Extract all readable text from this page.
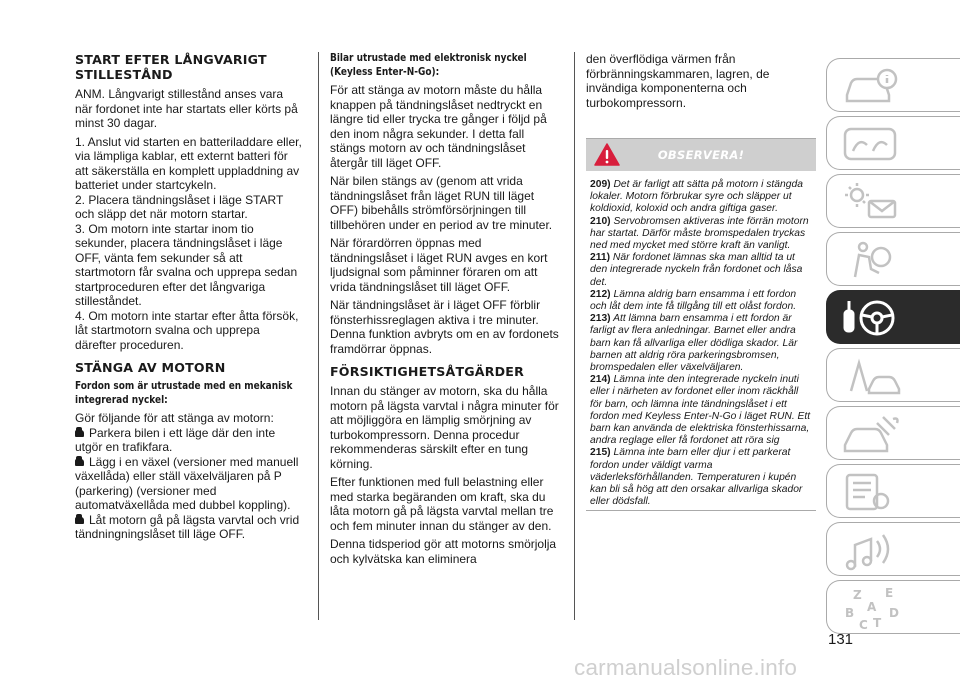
START EFTER LÅNGVARIGT STILLESTÅND

ANM. Långvarigt stillestånd anses vara när fordonet inte har startats eller körts på minst 30 dagar.

1. Anslut vid starten en batteriladdare eller, via lämpliga kablar, ett externt batteri för att säkerställa en komplett uppladdning av batteriet under startcykeln.

2. Placera tändningslåset i läge START och släpp det när motorn startar.

3. Om motorn inte startar inom tio sekunder, placera tändningslåset i läge OFF, vänta fem sekunder så att startmotorn får svalna och upprepa sedan startproceduren efter det långvariga stilleståndet.

4. Om motorn inte startar efter åtta försök, låt startmotorn svalna och upprepa därefter proceduren.

STÄNGA AV MOTORN
Fordon som är utrustade med en mekanisk
integrerad nyckel:

Gör följande för att stänga av motorn:

Parkera bilen i ett läge där den inte utgör en trafikfara.
Lägg i en växel (versioner med manuell växellåda) eller ställ växelväljaren på P (parkering) (versioner med automatväxellåda med dubbel koppling).
Låt motorn gå på lägsta varvtal och vrid tändningningslåset till läge OFF.
Bilar utrustade med elektronisk nyckel
(Keyless Enter-N-Go):

För att stänga av motorn måste du hålla knappen på tändningslåset nedtryckt en längre tid eller trycka tre gånger i följd på den inom några sekunder. I detta fall stängs motorn av och tändningslåset återgår till läget OFF.

När bilen stängs av (genom att vrida tändningslåset från läget RUN till läget OFF) bibehålls strömförsörjningen till tillbehören under en period av tre minuter.

När förardörren öppnas med tändningslåset i läget RUN avges en kort ljudsignal som påminner föraren om att vrida tändningslåset till läget OFF.

När tändningslåset är i läget OFF förblir fönsterhissreglagen aktiva i tre minuter. Denna funktion avbryts om en av fordonets framdörrar öppnas.

FÖRSIKTIGHETSÅTGÄRDER

Innan du stänger av motorn, ska du hålla motorn på lägsta varvtal i några minuter för att möjliggöra en lämplig smörjning av turbokompressorn. Denna procedur rekommenderas särskilt efter en tung körning.

Efter funktionen med full belastning eller med starka begäranden om kraft, ska du låta motorn gå på lägsta varvtal mellan tre och fem minuter innan du stänger av den.

Denna tidsperiod gör att motorns smörjolja och kylvätska kan eliminera

den överflödiga värmen från förbränningskammaren, lagren, de invändiga komponenterna och turbokompressorn.

OBSERVERA!

209) Det är farligt att sätta på motorn i stängda lokaler. Motorn förbrukar syre och släpper ut koldioxid, koloxid och andra giftiga gaser.

210) Servobromsen aktiveras inte förrän motorn har startat. Därför måste bromspedalen tryckas ned med mycket med större kraft än vanligt.

211) När fordonet lämnas ska man alltid ta ut den integrerade nyckeln från fordonet och låsa det.

212) Lämna aldrig barn ensamma i ett fordon och låt dem inte få tillgång till ett olåst fordon.

213) Att lämna barn ensamma i ett fordon är farligt av flera anledningar. Barnet eller andra barn kan få allvarliga eller dödliga skador. Lär barnen att aldrig röra parkeringsbromsen, bromspedalen eller växelväljaren.

214) Lämna inte den integrerade nyckeln inuti eller i närheten av fordonet eller inom räckhåll för barn, och lämna inte tändningslåset i ett fordon med Keyless Enter-N-Go i läget RUN. Ett barn kan använda de elektriska fönsterhissarna, andra reglage eller få fordonet att röra sig

215) Lämna inte barn eller djur i ett parkerat fordon under väldigt varma väderleksförhållanden. Temperaturen i kupén kan bli så hög att den orsakar allvarliga skador eller dödsfall.

Z E
B A
C T
D
131
carmanualsonline.info
